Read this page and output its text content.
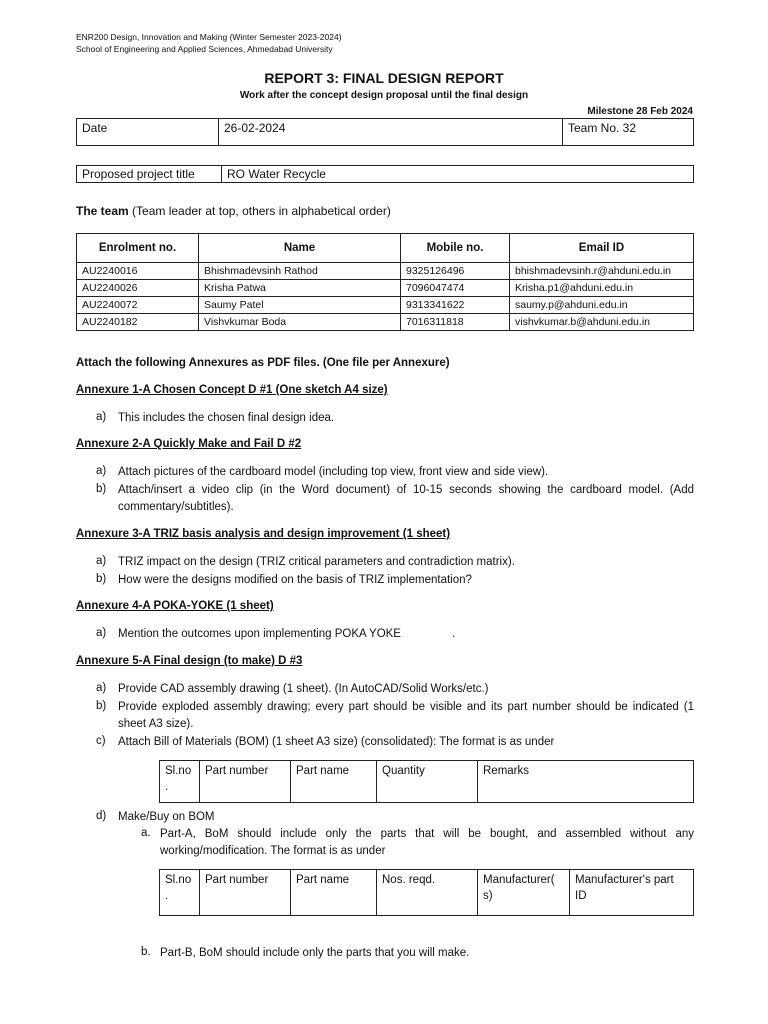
ENR200 Design, Innovation and Making (Winter Semester 2023-2024)
School of Engineering and Applied Sciences, Ahmedabad University
REPORT 3: FINAL DESIGN REPORT
Work after the concept design proposal until the final design
Milestone 28 Feb 2024
Date	26-02-2024	Team No. 32
Proposed project title	RO Water Recycle
The team (Team leader at top, others in alphabetical order)
Enrolment no.	Name	Mobile no.	Email ID
AU2240016	Bhishmadevsinh Rathod	9325126496	bhishmadevsinh.r@ahduni.edu.in
AU2240026	Krisha Patwa	7096047474	Krisha.p1@ahduni.edu.in
AU2240072	Saumy Patel	9313341622	saumy.p@ahduni.edu.in
AU2240182	Vishvkumar Boda	7016311818	vishvkumar.b@ahduni.edu.in
Attach the following Annexures as PDF files. (One file per Annexure)
Annexure 1-A Chosen Concept D #1 (One sketch A4 size)
a) This includes the chosen final design idea.
Annexure 2-A Quickly Make and Fail D #2
a) Attach pictures of the cardboard model (including top view, front view and side view).
b) Attach/insert a video clip (in the Word document) of 10-15 seconds showing the cardboard model. (Add commentary/subtitles).
Annexure 3-A TRIZ basis analysis and design improvement (1 sheet)
a) TRIZ impact on the design (TRIZ critical parameters and contradiction matrix).
b) How were the designs modified on the basis of TRIZ implementation?
Annexure 4-A POKA-YOKE (1 sheet)
a) Mention the outcomes upon implementing POKA YOKE                .
Annexure 5-A Final design (to make) D #3
a) Provide CAD assembly drawing (1 sheet). (In AutoCAD/Solid Works/etc.)
b) Provide exploded assembly drawing; every part should be visible and its part number should be indicated (1 sheet A3 size).
c) Attach Bill of Materials (BOM) (1 sheet A3 size) (consolidated): The format is as under
Sl.no .	Part number	Part name	Quantity	Remarks
d) Make/Buy on BOM
a. Part-A, BoM should include only the parts that will be bought, and assembled without any working/modification. The format is as under
Sl.no .	Part number	Part name	Nos. reqd.	Manufacturer( s)	Manufacturer's part ID
b. Part-B, BoM should include only the parts that you will make.
